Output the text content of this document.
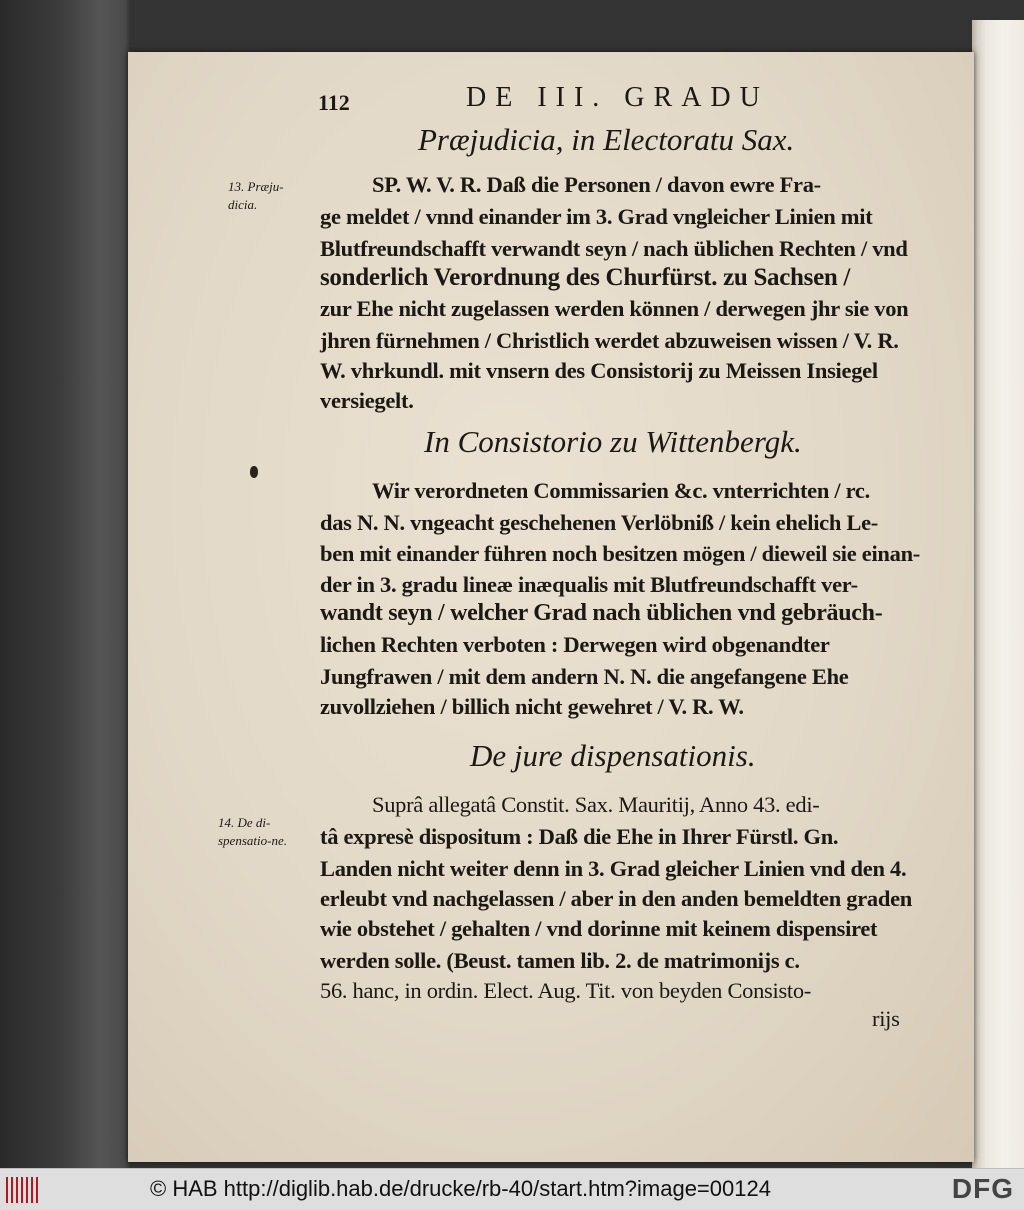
112	DE III. GRADU
Præjudicia, in Electoratu Sax.
13. Præju-dicia.
SP. W. V. R. Daß die Personen / davon ewre Fra-
ge meldet / vnnd einander im 3. Grad vngleicher Linien mit
Blutfreundschafft verwandt seyn / nach üblichen Rechten / vnd
sonderlich Verordnung des Churfürst. zu Sachsen /
zur Ehe nicht zugelassen werden können / derwegen jhr sie von
jhren fürnehmen / Christlich werdet abzuweisen wissen / V. R.
W. vhrkundl. mit vnsern des Consistorij zu Meissen Insiegel
versiegelt.
In Consistorio zu Wittenbergk.
Wir verordneten Commissarien &c. vnterrichten / rc.
das N. N. vngeacht geschehenen Verlöbniß / kein ehelich Le-
ben mit einander führen noch besitzen mögen / dieweil sie einan-
der in 3. gradu lineæ inæqualis mit Blutfreundschafft ver-
wandt seyn / welcher Grad nach üblichen vnd gebräuch-
lichen Rechten verboten : Derwegen wird obgenandter
Jungfrawen / mit dem andern N. N. die angefangene Ehe
zuvollziehen / billich nicht gewehret / V. R. W.
De jure dispensationis.
14. De di-spensatio-ne.
Suprâ allegatâ Constit. Sax. Mauritij, Anno 43. edi-
tâ expresè dispositum : Daß die Ehe in Ihrer Fürstl. Gn.
Landen nicht weiter denn in 3. Grad gleicher Linien vnd den 4.
erleubt vnd nachgelassen / aber in den anden bemeldten graden
wie obstehet / gehalten / vnd dorinne mit keinem dispensiret
werden solle. (Beust. tamen lib. 2. de matrimonijs c.
56. hanc, in ordin. Elect. Aug. Tit. von beyden Consisto-
rijs
© HAB http://diglib.hab.de/drucke/rb-40/start.htm?image=00124	DFG
